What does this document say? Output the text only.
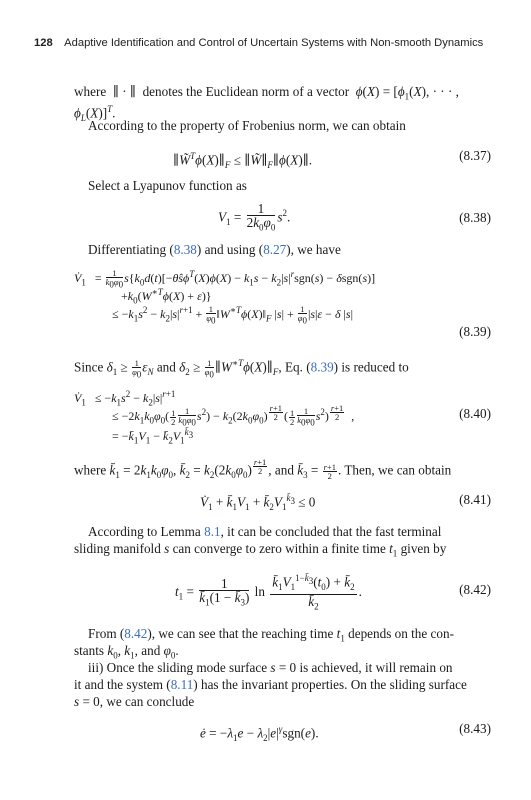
128 Adaptive Identification and Control of Uncertain Systems with Non-smooth Dynamics
where  ∥ · ∥  denotes the Euclidean norm of a vector $\phi(X) = [\phi_1(X)$, · · · ,
$\phi_L(X)]^T$.
According to the property of Frobenius norm, we can obtain
$\parallel W̃^T\phi(X)\parallel_F$ ≤ $\parallel W̃\parallel_F\parallel\phi(X)\parallel$.	(8.37)
Select a Lyapunov function as
$V_1 = \frac{1}{2k_0\varphi_0} s^2$.	(8.38)
Differentiating (8.38) and using (8.27), we have
$V̇_1 = \frac{1}{k_0\varphi_0}$ $s\{k_0d(t)[-\thetâs\phi^T(X)\phi(X) - k_1s - k_2|s|^rsgn(s) - \delta sgn(s)]$
$+k_0(W^{∗T}\phi(X) + \varepsilon)$}
≤ $-k_1s^2 - k_2|s|^{r+1} + \frac{1}{\varphi_0}$ $‖W^{∗T}\phi(X)‖_F$ $|s| + \frac{1}{\varphi_0} |s|\varepsilon - \delta$ |s|
(8.39)
Since $\delta_1 \ge \frac{1}{\varphi_0} \varepsilon_N$ and $\delta_2 \ge \frac{1}{\varphi_0}$ $\parallel W^{∗T}\phi(X)\parallel_F$, Eq. (8.39) is reduced to
$V̇_1 \le -k_1s^2 - k_2|s|^{r+1}$
≤ $-2k_1k_0\varphi_0( \frac{1}{2} \frac{1}{k_0\varphi_0} s^2) - k_2(2k_0\varphi_0)$ $^{\frac{r+1}{2}}$ ( $\frac{1}{2} \frac{1}{k_0\varphi_0} s^2$) $^{\frac{r+1}{2}}$ ,
= $-k̄_1V_1$ − $k̄_2V_1^{k̄_3}$
(8.40)
where $k̄_1 = 2k_1k_0\varphi_0$, $k̄_2 = k_2(2k_0\varphi_0)$ $^{\frac{r+1}{2}}$ , and $k̄_3 = \frac{r+1}{2}$ . Then, we can obtain
$V̇_1$ + $k̄_1V_1$ + $k̄_2V_1^{k̄_3} \le 0$	(8.41)
According to Lemma 8.1, it can be concluded that the fast terminal
sliding manifold s can converge to zero within a finite time $t_1$ given by
$t_1 = \frac{1}{k̄_1(1 - k̄_3)}$ $\ln \frac{k̄_1V_1^{1-k̄_3}(t_0) + k̄_2}{k̄_2}$ .	(8.42)
From (8.42), we can see that the reaching time $t_1$ depends on the con-
stants $k_0$, $k_1$, and $\varphi_0$.
iii) Once the sliding mode surface s = 0 is achieved, it will remain on
it and the system (8.11) has the invariant properties. On the sliding surface
s = 0, we can conclude
ė = $-\lambda_1e - \lambda_2|e|^\gamma sgn(e)$.	(8.43)
